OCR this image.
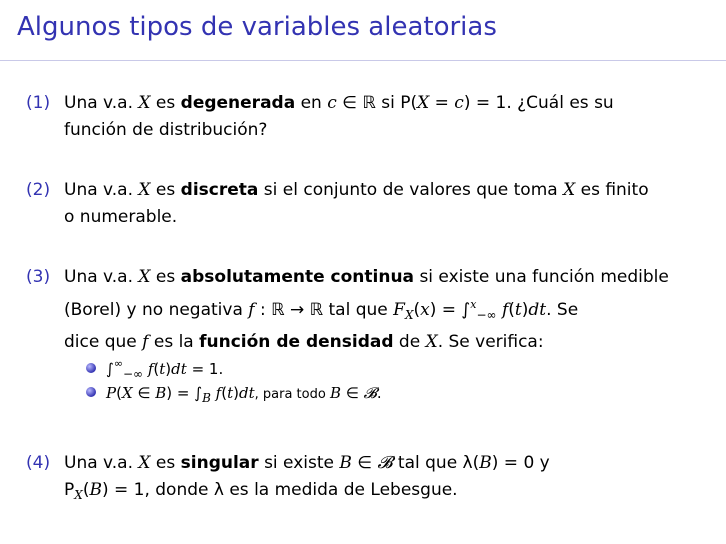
Algunos tipos de variables aleatorias
(1) Una v.a. X es degenerada en c ∈ ℝ si P(X = c) = 1. ¿Cuál es su
función de distribución?
(2) Una v.a. X es discreta si el conjunto de valores que toma X es finito
o numerable.
(3) Una v.a. X es absolutamente continua si existe una función medible
(Borel) y no negativa f : ℝ → ℝ tal que $F_X(x) = \int^x_{-\infty}$ f(t)dt. Se
dice que f es la función de densidad de X. Se verifica:
$\int^\infty_{-\infty}$ f(t)dt = 1.
P(X ∈ $B) = \int_B$ f(t)dt, para todo B ∈ 𝓑.
(4) Una v.a. X es singular si existe B ∈ 𝓑 tal que λ(B) = 0 y
$P_X(B) = 1$, donde λ es la medida de Lebesgue.
